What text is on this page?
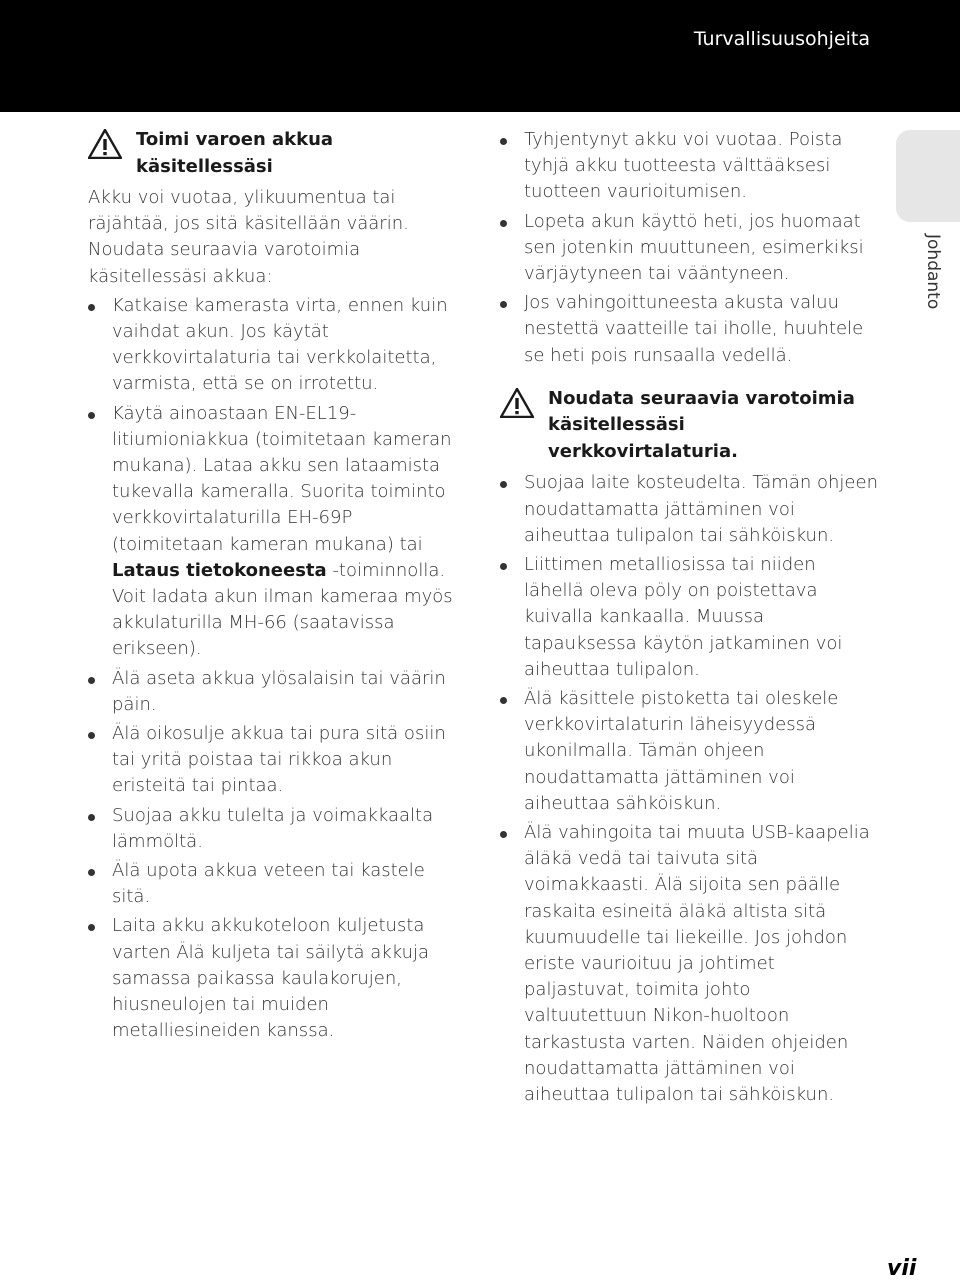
Turvallisuusohjeita
Johdanto
Toimi varoen akkua käsitellessäsi

Akku voi vuotaa, ylikuumentua tai räjähtää, jos sitä käsitellään väärin. Noudata seuraavia varotoimia käsitellessäsi akkua:

Katkaise kamerasta virta, ennen kuin vaihdat akun. Jos käytät verkkovirtalaturia tai verkkolaitetta, varmista, että se on irrotettu.
Käytä ainoastaan EN-EL19-litiumioniakkua (toimitetaan kameran mukana). Lataa akku sen lataamista tukevalla kameralla. Suorita toiminto verkkovirtalaturilla EH-69P (toimitetaan kameran mukana) tai Lataus tietokoneesta -toiminnolla. Voit ladata akun ilman kameraa myös akkulaturilla MH-66 (saatavissa erikseen).
Älä aseta akkua ylösalaisin tai väärin päin.
Älä oikosulje akkua tai pura sitä osiin tai yritä poistaa tai rikkoa akun eristeitä tai pintaa.
Suojaa akku tulelta ja voimakkaalta lämmöltä.
Älä upota akkua veteen tai kastele sitä.
Laita akku akkukoteloon kuljetusta varten Älä kuljeta tai säilytä akkuja samassa paikassa kaulakorujen, hiusneulojen tai muiden metalliesineiden kanssa.
Tyhjentynyt akku voi vuotaa. Poista tyhjä akku tuotteesta välttääksesi tuotteen vaurioitumisen.
Lopeta akun käyttö heti, jos huomaat sen jotenkin muuttuneen, esimerkiksi värjäytyneen tai vääntyneen.
Jos vahingoittuneesta akusta valuu nestettä vaatteille tai iholle, huuhtele se heti pois runsaalla vedellä.
Noudata seuraavia varotoimia käsitellessäsi verkkovirtalaturia.
Suojaa laite kosteudelta. Tämän ohjeen noudattamatta jättäminen voi aiheuttaa tulipalon tai sähköiskun.
Liittimen metalliosissa tai niiden lähellä oleva pöly on poistettava kuivalla kankaalla. Muussa tapauksessa käytön jatkaminen voi aiheuttaa tulipalon.
Älä käsittele pistoketta tai oleskele verkkovirtalaturin läheisyydessä ukonilmalla. Tämän ohjeen noudattamatta jättäminen voi aiheuttaa sähköiskun.
Älä vahingoita tai muuta USB-kaapelia äläkä vedä tai taivuta sitä voimakkaasti. Älä sijoita sen päälle raskaita esineitä äläkä altista sitä kuumuudelle tai liekeille. Jos johdon eriste vaurioituu ja johtimet paljastuvat, toimita johto valtuutettuun Nikon-huoltoon tarkastusta varten. Näiden ohjeiden noudattamatta jättäminen voi aiheuttaa tulipalon tai sähköiskun.
vii
